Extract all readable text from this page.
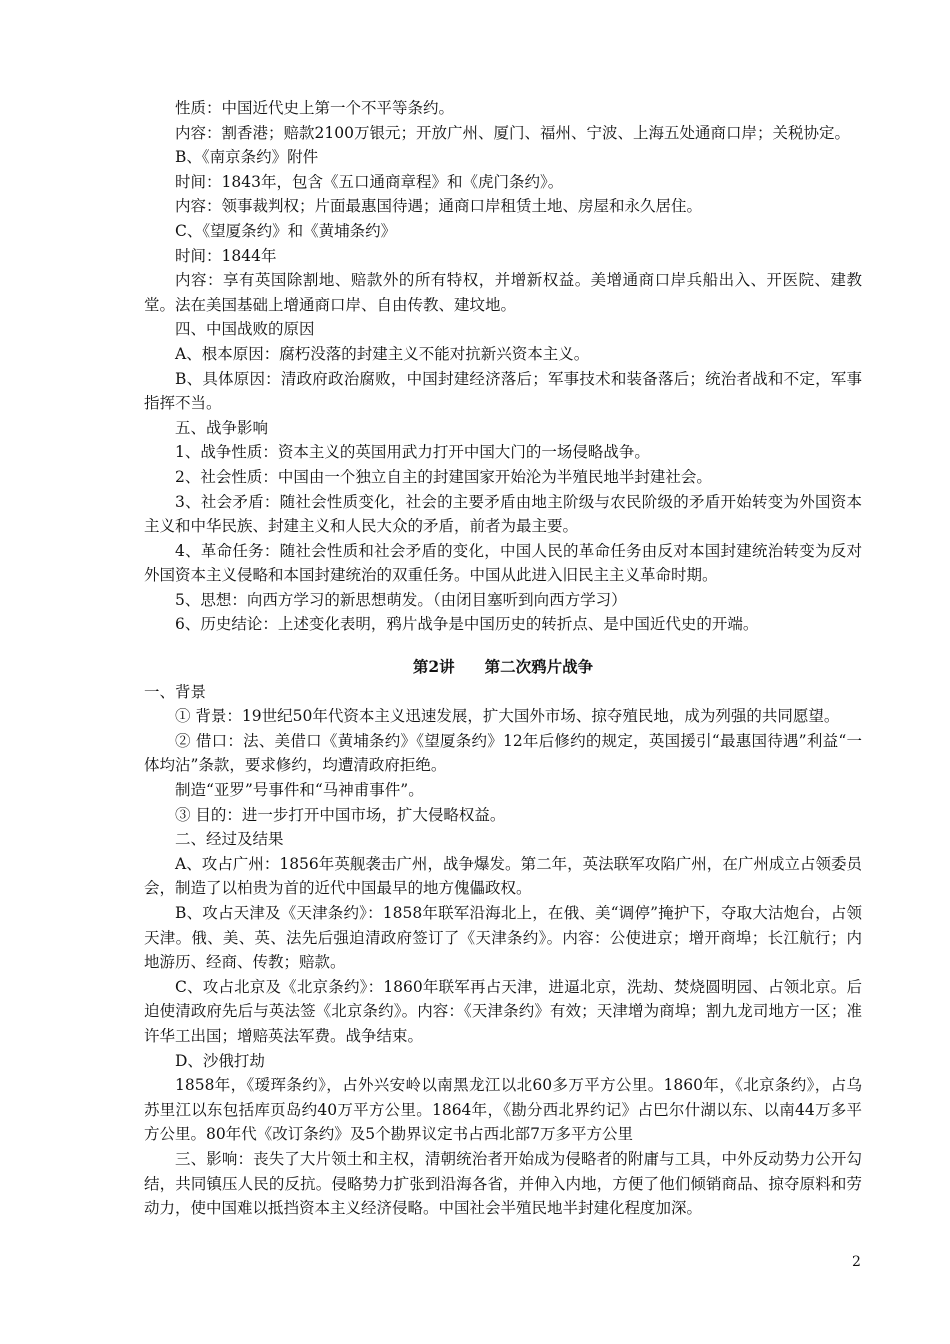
性质：中国近代史上第一个不平等条约。

内容：割香港；赔款2100万银元；开放广州、厦门、福州、宁波、上海五处通商口岸；关税协定。

B、《南京条约》附件

时间：1843年，包含《五口通商章程》和《虎门条约》。

内容：领事裁判权；片面最惠国待遇；通商口岸租赁土地、房屋和永久居住。

C、《望厦条约》和《黄埔条约》

时间：1844年

内容：享有英国除割地、赔款外的所有特权，并增新权益。美增通商口岸兵船出入、开医院、建教堂。法在美国基础上增通商口岸、自由传教、建坟地。

四、中国战败的原因

A、根本原因：腐朽没落的封建主义不能对抗新兴资本主义。

B、具体原因：清政府政治腐败，中国封建经济落后；军事技术和装备落后；统治者战和不定，军事指挥不当。

五、战争影响

1、战争性质：资本主义的英国用武力打开中国大门的一场侵略战争。

2、社会性质：中国由一个独立自主的封建国家开始沦为半殖民地半封建社会。

3、社会矛盾：随社会性质变化，社会的主要矛盾由地主阶级与农民阶级的矛盾开始转变为外国资本主义和中华民族、封建主义和人民大众的矛盾，前者为最主要。

4、革命任务：随社会性质和社会矛盾的变化，中国人民的革命任务由反对本国封建统治转变为反对外国资本主义侵略和本国封建统治的双重任务。中国从此进入旧民主主义革命时期。

5、思想：向西方学习的新思想萌发。（由闭目塞听到向西方学习）

6、历史结论：上述变化表明，鸦片战争是中国历史的转折点、是中国近代史的开端。

第2讲 第二次鸦片战争

一、背景

① 背景：19世纪50年代资本主义迅速发展，扩大国外市场、掠夺殖民地，成为列强的共同愿望。

② 借口：法、美借口《黄埔条约》《望厦条约》12年后修约的规定，英国援引“最惠国待遇”利益“一体均沾”条款，要求修约，均遭清政府拒绝。

制造“亚罗”号事件和“马神甫事件”。

③ 目的：进一步打开中国市场，扩大侵略权益。

二、经过及结果

A、攻占广州：1856年英舰袭击广州，战争爆发。第二年，英法联军攻陷广州，在广州成立占领委员会，制造了以柏贵为首的近代中国最早的地方傀儡政权。

B、攻占天津及《天津条约》：1858年联军沿海北上，在俄、美“调停”掩护下，夺取大沽炮台，占领天津。俄、美、英、法先后强迫清政府签订了《天津条约》。内容：公使进京；增开商埠；长江航行；内地游历、经商、传教；赔款。

C、攻占北京及《北京条约》：1860年联军再占天津，进逼北京，洗劫、焚烧圆明园、占领北京。后迫使清政府先后与英法签《北京条约》。内容：《天津条约》有效；天津增为商埠；割九龙司地方一区；准许华工出国；增赔英法军费。战争结束。

D、沙俄打劫

1858年，《瑷珲条约》，占外兴安岭以南黑龙江以北60多万平方公里。1860年，《北京条约》，占乌苏里江以东包括库页岛约40万平方公里。1864年，《勘分西北界约记》占巴尔什湖以东、以南44万多平方公里。80年代《改订条约》及5个勘界议定书占西北部7万多平方公里

三、影响：丧失了大片领土和主权，清朝统治者开始成为侵略者的附庸与工具，中外反动势力公开勾结，共同镇压人民的反抗。侵略势力扩张到沿海各省，并伸入内地，方便了他们倾销商品、掠夺原料和劳动力，使中国难以抵挡资本主义经济侵略。中国社会半殖民地半封建化程度加深。

2
